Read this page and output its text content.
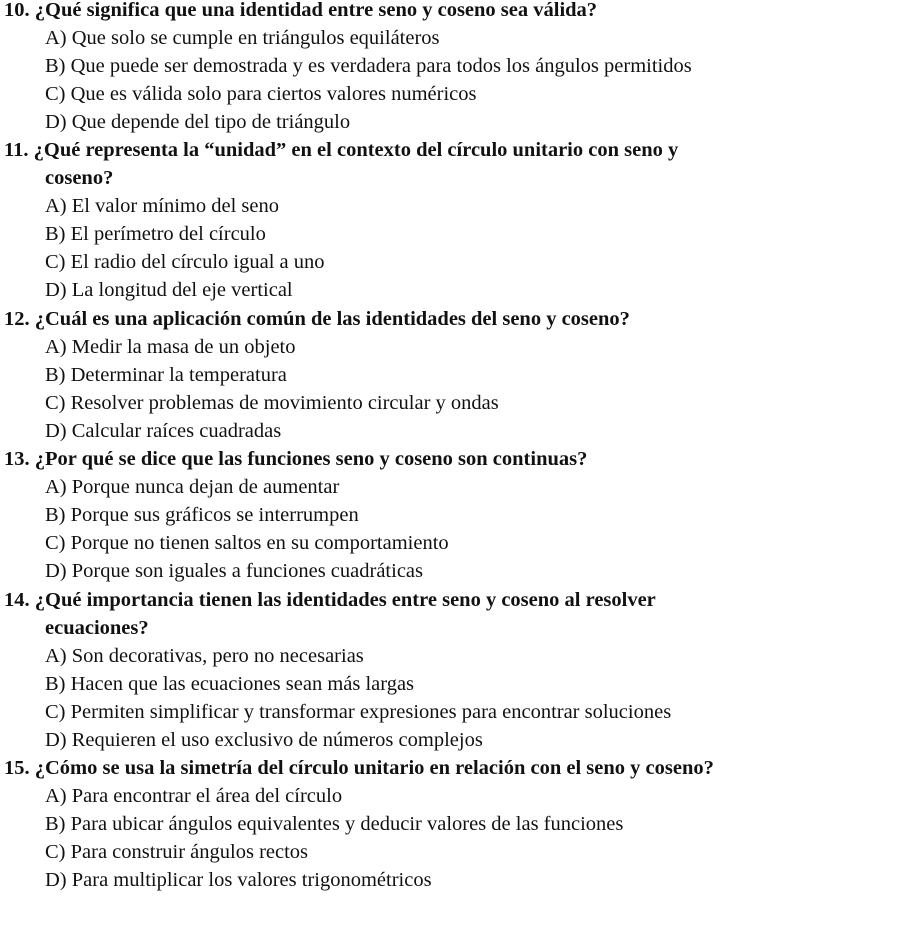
10. ¿Qué significa que una identidad entre seno y coseno sea válida?
A) Que solo se cumple en triángulos equiláteros
B) Que puede ser demostrada y es verdadera para todos los ángulos permitidos
C) Que es válida solo para ciertos valores numéricos
D) Que depende del tipo de triángulo
11. ¿Qué representa la “unidad” en el contexto del círculo unitario con seno y
coseno?
A) El valor mínimo del seno
B) El perímetro del círculo
C) El radio del círculo igual a uno
D) La longitud del eje vertical
12. ¿Cuál es una aplicación común de las identidades del seno y coseno?
A) Medir la masa de un objeto
B) Determinar la temperatura
C) Resolver problemas de movimiento circular y ondas
D) Calcular raíces cuadradas
13. ¿Por qué se dice que las funciones seno y coseno son continuas?
A) Porque nunca dejan de aumentar
B) Porque sus gráficos se interrumpen
C) Porque no tienen saltos en su comportamiento
D) Porque son iguales a funciones cuadráticas
14. ¿Qué importancia tienen las identidades entre seno y coseno al resolver
ecuaciones?
A) Son decorativas, pero no necesarias
B) Hacen que las ecuaciones sean más largas
C) Permiten simplificar y transformar expresiones para encontrar soluciones
D) Requieren el uso exclusivo de números complejos
15. ¿Cómo se usa la simetría del círculo unitario en relación con el seno y coseno?
A) Para encontrar el área del círculo
B) Para ubicar ángulos equivalentes y deducir valores de las funciones
C) Para construir ángulos rectos
D) Para multiplicar los valores trigonométricos
